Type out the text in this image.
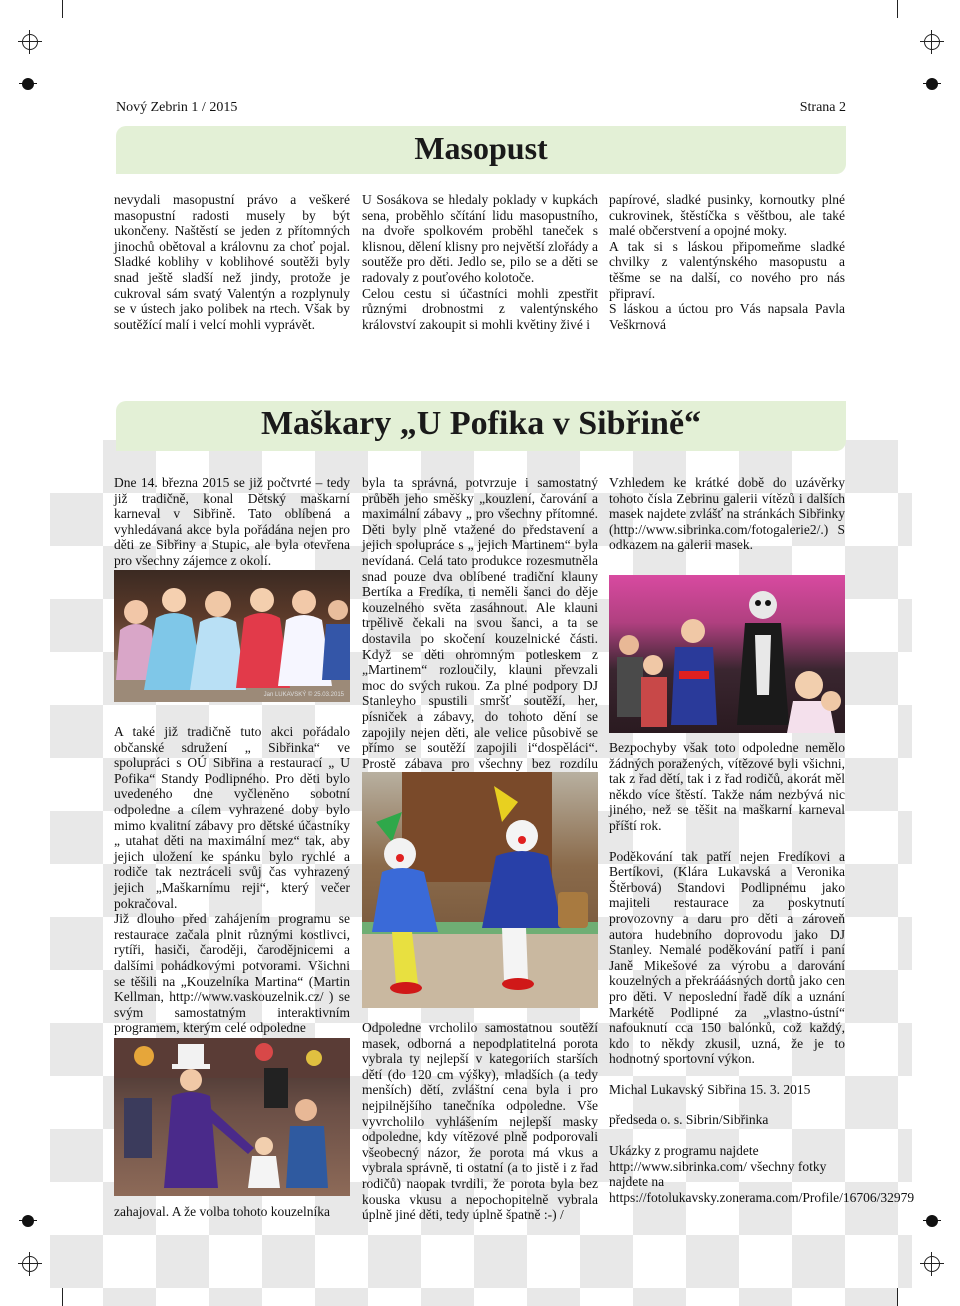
Nový Zebrin 1 / 2015	Strana 2
Masopust

nevydali masopustní právo a veškeré masopustní radosti musely by být ukončeny. Naštěstí se jeden z přítomných jinochů obětoval a královnu za choť pojal. Sladké koblihy v koblihové soutěži byly snad ještě sladší než jindy, protože je cukroval sám svatý Valentýn a rozplynuly se v ústech jako polibek na rtech. Však by soutěžící malí i velcí mohli vyprávět.

U Sosákova se hledaly poklady v kupkách sena, proběhlo sčítání lidu masopustního, na dvoře spolkovém proběhl taneček s klisnou, dělení klisny pro největší zlořády a soutěže pro děti. Jedlo se, pilo se a děti se radovaly z pouťového kolotoče.

Celou cestu si účastníci mohli zpestřit různými drobnostmi z valentýnského království zakoupit si mohli květiny živé i

papírové, sladké pusinky, kornoutky plné cukrovinek, štěstíčka s věštbou, ale také malé občerstvení a opojné moky.

A tak si s láskou připomeňme sladké chvilky z valentýnského masopustu a těšme se na další, co nového pro nás připraví.

S láskou a úctou pro Vás napsala Pavla Veškrnová

Maškary „U Pofika v Sibřině“

Dne 14. března 2015 se již počtvrté – tedy již tradičně, konal Dětský maškarní karneval v Sibřině. Tato oblíbená a vyhledávaná akce byla pořádána nejen pro děti ze Sibřiny a Stupic, ale byla otevřena pro všechny zájemce z okolí.

Jan LUKAVSKÝ © 25.03.2015

A také již tradičně tuto akci pořádalo občanské sdružení „ Sibřinka“ ve spolupráci s OÚ Sibřina a restaurací „ U Pofika“ Standy Podlipného. Pro děti bylo uvedeného dne vyčleněno sobotní odpoledne a cílem vyhrazené doby bylo mimo kvalitní zábavy pro dětské účastníky „ utahat děti na maximální mez“ tak, aby jejich uložení ke spánku bylo rychlé a rodiče tak neztráceli svůj čas vyhrazený jejich „Maškarnímu reji“, který večer pokračoval.

Již dlouho před zahájením programu se restaurace začala plnit různými kostlivci, rytíři, hasiči, čaroději, čarodějnicemi a dalšími pohádkovými potvorami. Všichni se těšili na „Kouzelníka Martina“ (Martin Kellman, http://www.vaskouzelnik.cz/ ) se svým samostatným interaktivním programem, kterým celé odpoledne

zahajoval. A že volba tohoto kouzelníka

byla ta správná, potvrzuje i samostatný průběh jeho směšky „kouzlení, čarování a maximální zábavy „ pro všechny přítomné. Děti byly plně vtažené do představení a jejich spolupráce s „ jejich Martinem“ byla nevídaná. Celá tato produkce rozesmutněla snad pouze dva oblíbené tradiční klauny Bertíka a Fredíka, ti neměli šanci do děje kouzelného světa zasáhnout. Ale klauni trpělivě čekali na svou šanci, a ta se dostavila po skočení kouzelnické části. Když se děti ohromným potleskem z „Martinem“ rozloučily, klauni převzali moc do svých rukou. Za plné podpory DJ Stanleyho spustili smršť soutěží, her, písniček a zábavy, do tohoto dění se zapojily nejen děti, ale velice působivě se přímo se soutěží zapojili i“dospěláci“. Prostě zábava pro všechny bez rozdílu

Odpoledne vrcholilo samostatnou soutěží masek, odborná a nepodplatitelná porota vybrala ty nejlepší v kategoriích starších dětí (do 120 cm výšky), mladších (a tedy menších) dětí, zvláštní cena byla i pro nejpilnějšího tanečníka odpoledne. Vše vyvrcholilo vyhlášením nejlepší masky odpoledne, kdy vítězové plně podporovali všeobecný názor, že porota má vkus a vybrala správně, ti ostatní (a to jistě i z řad rodičů) naopak tvrdili, že porota byla bez kouska vkusu a nepochopitelně vybrala úplně jiné děti, tedy úplně špatně :-) /

Vzhledem ke krátké době do uzávěrky tohoto čísla Zebrinu galerii vítězů i dalších masek najdete zvlášť na stránkách Sibřinky (http://www.sibrinka.com/fotogalerie2/.) S odkazem na galerii masek.

Bezpochyby však toto odpoledne nemělo žádných poražených, vítězové byli všichni, tak z řad dětí, tak i z řad rodičů, akorát měl někdo více štěstí. Takže nám nezbývá nic jiného, než se těšit na maškarní karneval příští rok.

Poděkování tak patří nejen Fredíkovi a Bertíkovi, (Klára Lukavská a Veronika Štěrbová) Standovi Podlipnému jako majiteli restaurace za poskytnutí provozovny a daru pro děti a zároveň autora hudebního doprovodu jako DJ Stanley. Nemalé poděkování patří i paní Janě Mikešové za výrobu a darování kouzelných a překrááásných dortů jako cen pro děti. V neposlední řadě dík a uznání Markétě Podlipné za „vlastno-ústní“ nafouknutí cca 150 balónků, což každý, kdo to někdy zkusil, uzná, že je to hodnotný sportovní výkon.

Michal Lukavský Sibřina 15. 3. 2015

předseda o. s. Sibrin/Sibřinka

Ukázky z programu najdete http://www.sibrinka.com/ všechny fotky najdete na https://fotolukavsky.zonerama.com/Profile/16706/32979
